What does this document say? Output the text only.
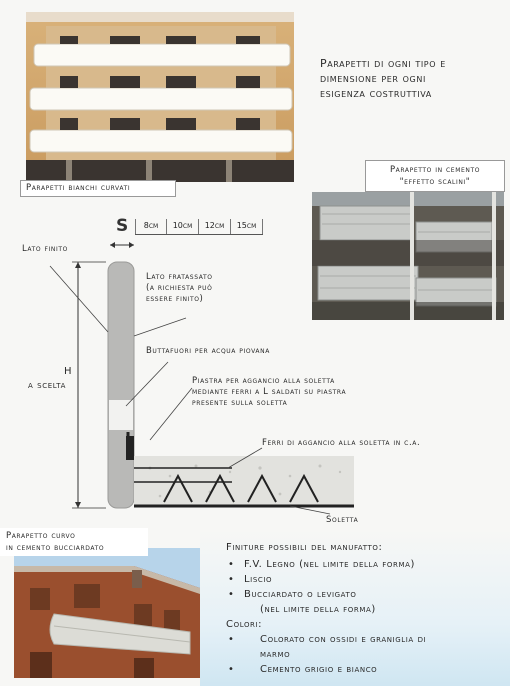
Parapetti bianchi curvati
Parapetti di ogni tipo e
dimensione per ogni
esigenza costruttiva
Parapetto in cemento
"effetto scalini"
S	8cm	10cm	12cm	15cm
Lato finito
H
a scelta
Lato fratassato
(a richiesta può
essere finito)
Buttafuori per acqua piovana
Piastra per aggancio alla soletta
mediante ferri a L saldati su piastra
presente sulla soletta
Ferri di aggancio alla soletta in c.a.
Soletta
Parapetto curvo
in cemento bucciardato	Finiture possibili del manufatto:
• F.V. Legno (nel limite della forma)
• Liscio
• Bucciardato o levigato
(nel limite della forma)
Colori:
• Colorato con ossidi e graniglia di
marmo
• Cemento grigio e bianco
